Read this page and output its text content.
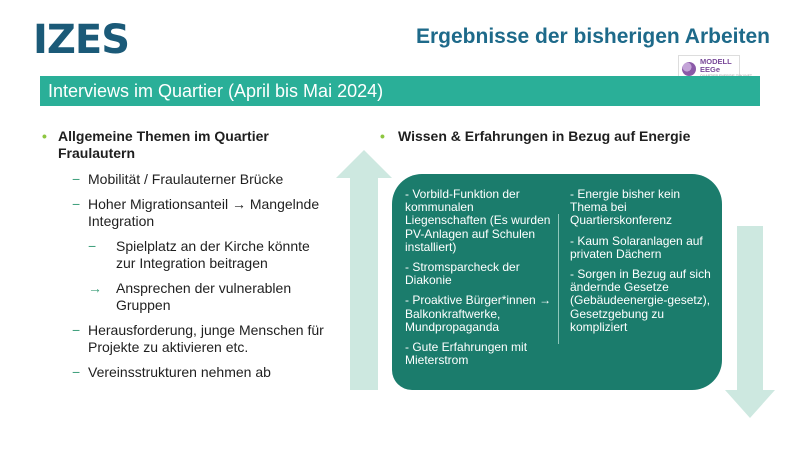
IZES	Ergebnisse der bisherigen Arbeiten
MODELL
EEGe
Interviews im Quartier (April bis Mai 2024)
• Allgemeine Themen im Quartier Fraulautern
− Mobilität / Fraulauterner Brücke
− Hoher Migrationsanteil → Mangelnde Integration
− Spielplatz an der Kirche könnte zur Integration beitragen
→ Ansprechen der vulnerablen Gruppen
− Herausforderung, junge Menschen für Projekte zu aktivieren etc.
− Vereinsstrukturen nehmen ab
• Wissen & Erfahrungen in Bezug auf Energie

- Vorbild-Funktion der kommunalen Liegenschaften (Es wurden PV-Anlagen auf Schulen installiert)

- Stromsparcheck der Diakonie

- Proaktive Bürger*innen → Balkonkraftwerke, Mundpropaganda

- Gute Erfahrungen mit Mieterstrom

- Energie bisher kein Thema bei Quartierskonferenz

- Kaum Solaranlagen auf privaten Dächern

- Sorgen in Bezug auf sich ändernde Gesetze (Gebäudeenergie-gesetz), Gesetzgebung zu kompliziert
